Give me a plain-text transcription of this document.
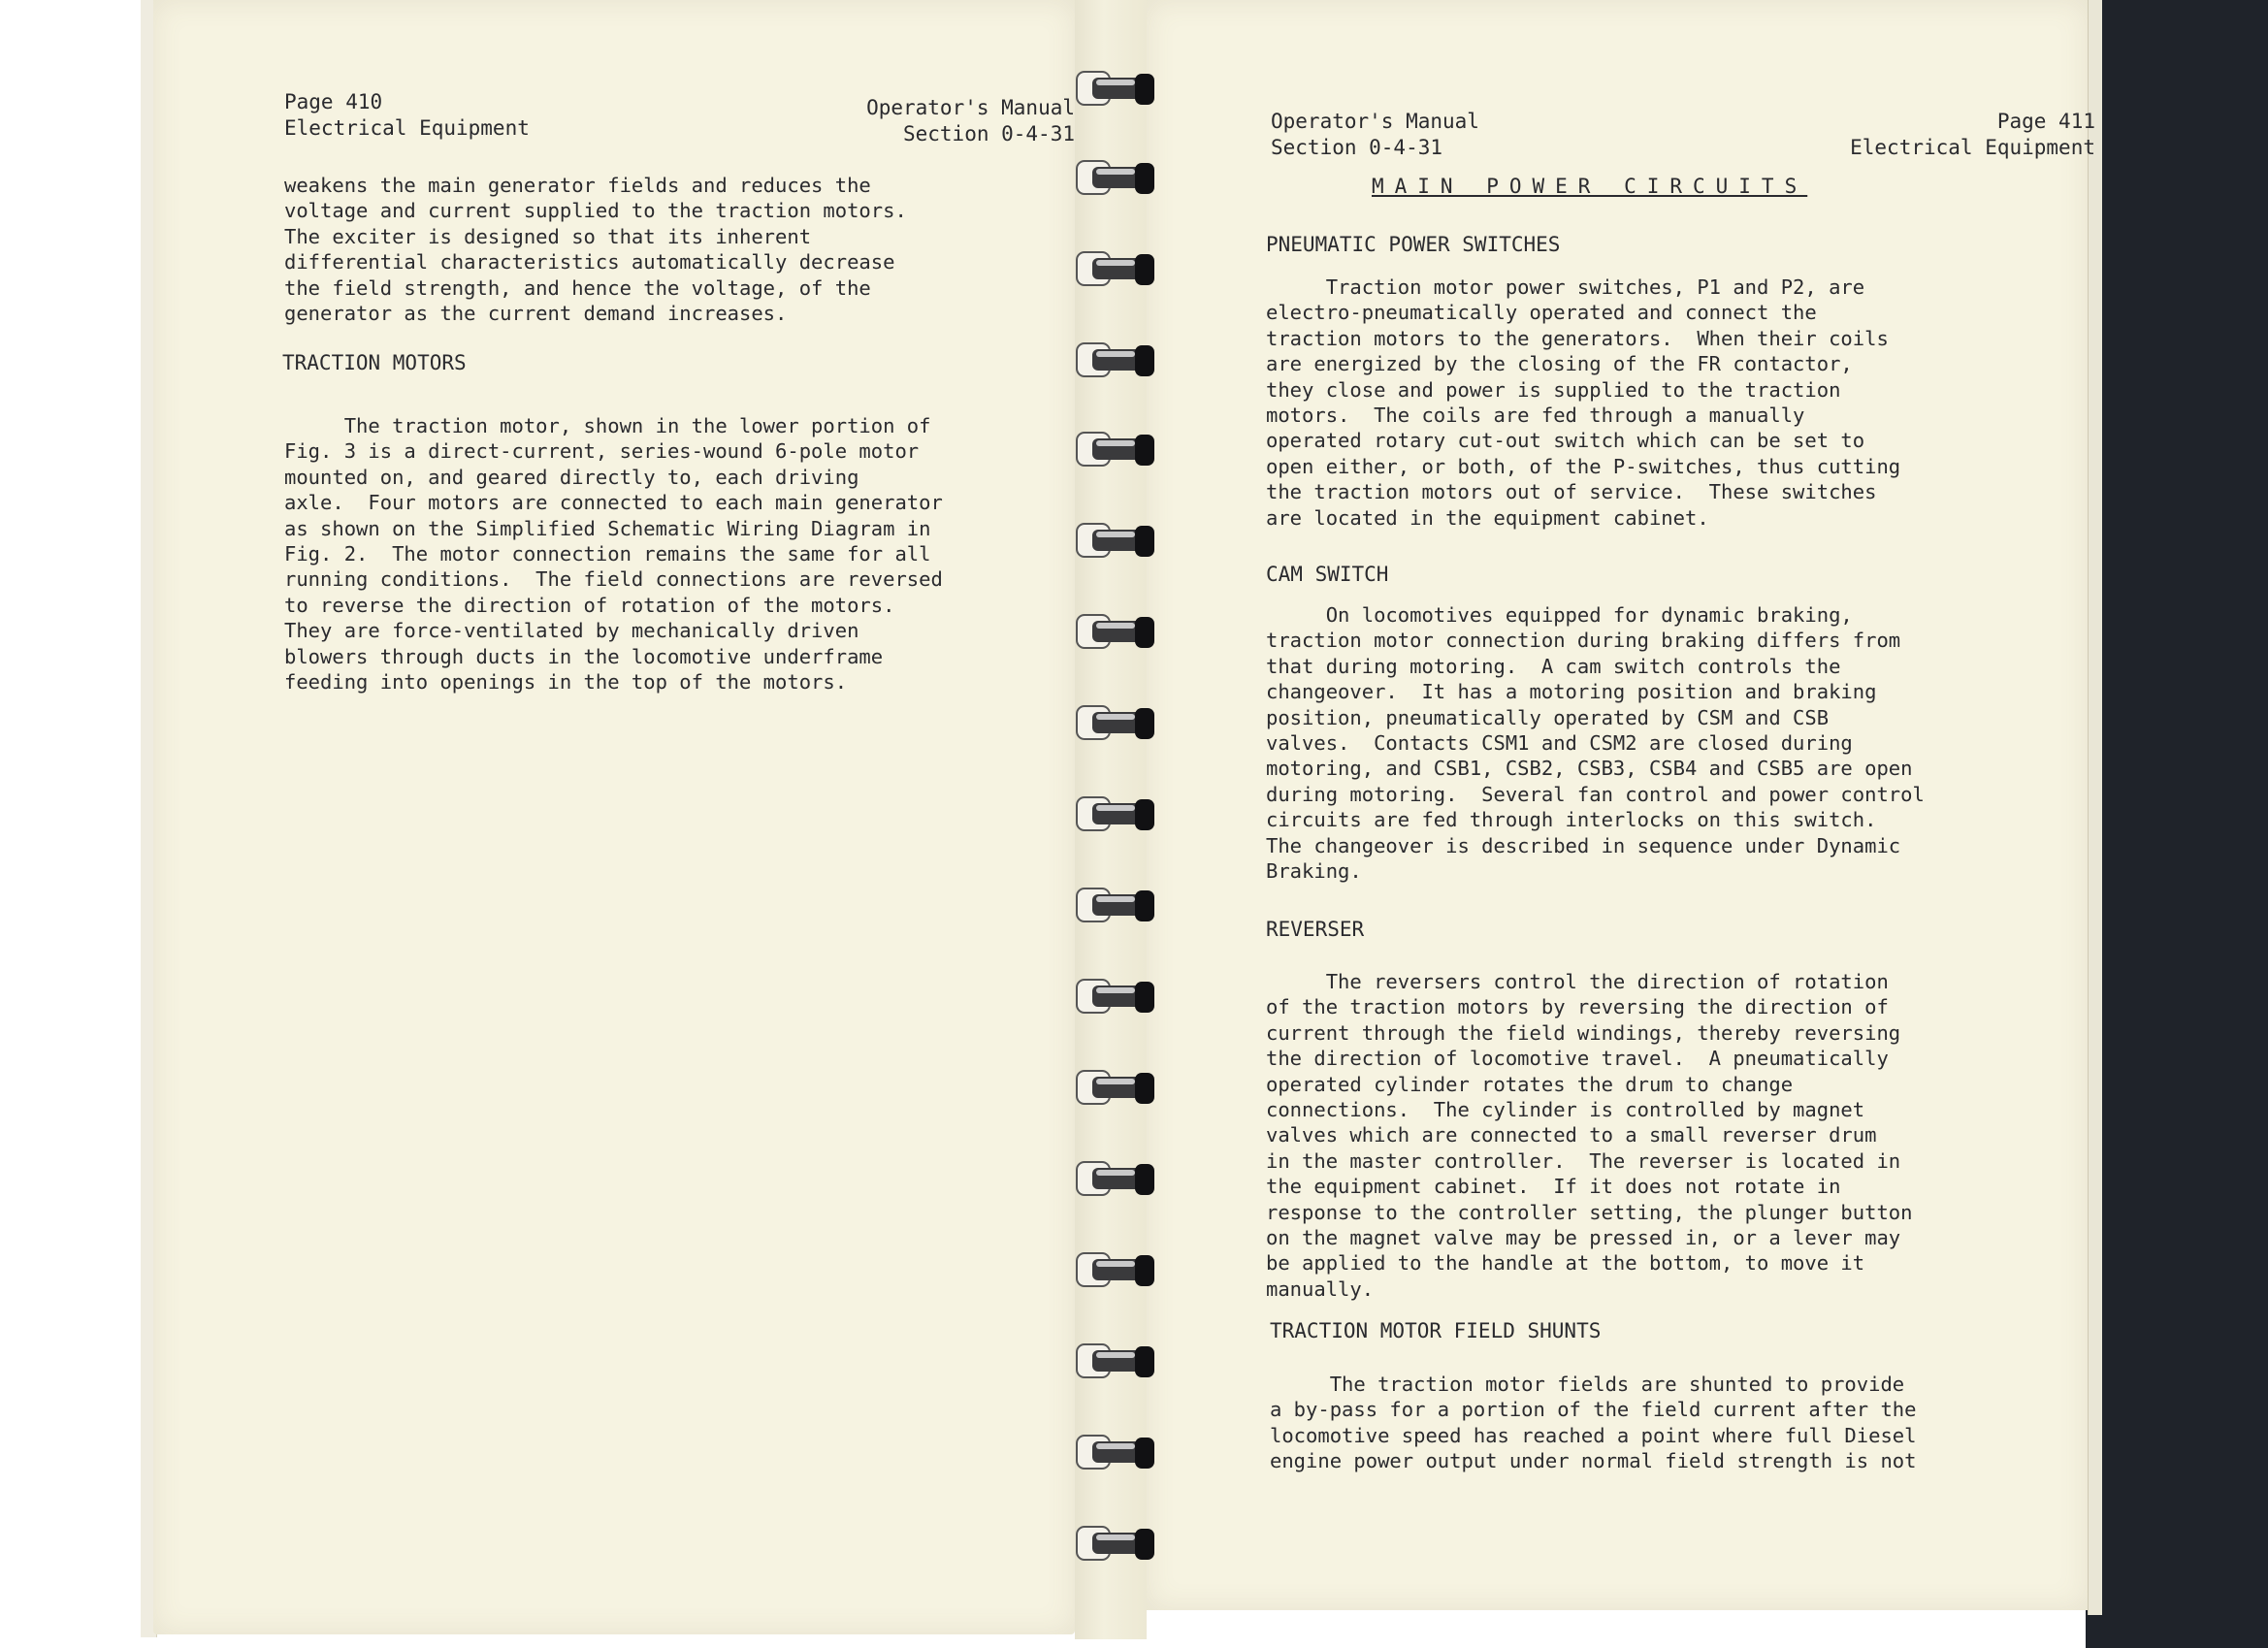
Page 410
Electrical Equipment
Operator's Manual
Section 0-4-31
weakens the main generator fields and reduces the
voltage and current supplied to the traction motors.
The exciter is designed so that its inherent
differential characteristics automatically decrease
the field strength, and hence the voltage, of the
generator as the current demand increases.
TRACTION MOTORS
The traction motor, shown in the lower portion of
Fig. 3 is a direct-current, series-wound 6-pole motor
mounted on, and geared directly to, each driving
axle.  Four motors are connected to each main generator
as shown on the Simplified Schematic Wiring Diagram in
Fig. 2.  The motor connection remains the same for all
running conditions.  The field connections are reversed
to reverse the direction of rotation of the motors.
They are force-ventilated by mechanically driven
blowers through ducts in the locomotive underframe
feeding into openings in the top of the motors.
Operator's Manual
Section 0-4-31
Page 411
Electrical Equipment
MAIN POWER CIRCUITS
PNEUMATIC POWER SWITCHES
Traction motor power switches, P1 and P2, are
electro-pneumatically operated and connect the
traction motors to the generators.  When their coils
are energized by the closing of the FR contactor,
they close and power is supplied to the traction
motors.  The coils are fed through a manually
operated rotary cut-out switch which can be set to
open either, or both, of the P-switches, thus cutting
the traction motors out of service.  These switches
are located in the equipment cabinet.
CAM SWITCH
On locomotives equipped for dynamic braking,
traction motor connection during braking differs from
that during motoring.  A cam switch controls the
changeover.  It has a motoring position and braking
position, pneumatically operated by CSM and CSB
valves.  Contacts CSM1 and CSM2 are closed during
motoring, and CSB1, CSB2, CSB3, CSB4 and CSB5 are open
during motoring.  Several fan control and power control
circuits are fed through interlocks on this switch.
The changeover is described in sequence under Dynamic
Braking.
REVERSER
The reversers control the direction of rotation
of the traction motors by reversing the direction of
current through the field windings, thereby reversing
the direction of locomotive travel.  A pneumatically
operated cylinder rotates the drum to change
connections.  The cylinder is controlled by magnet
valves which are connected to a small reverser drum
in the master controller.  The reverser is located in
the equipment cabinet.  If it does not rotate in
response to the controller setting, the plunger button
on the magnet valve may be pressed in, or a lever may
be applied to the handle at the bottom, to move it
manually.
TRACTION MOTOR FIELD SHUNTS
The traction motor fields are shunted to provide
a by-pass for a portion of the field current after the
locomotive speed has reached a point where full Diesel
engine power output under normal field strength is not
